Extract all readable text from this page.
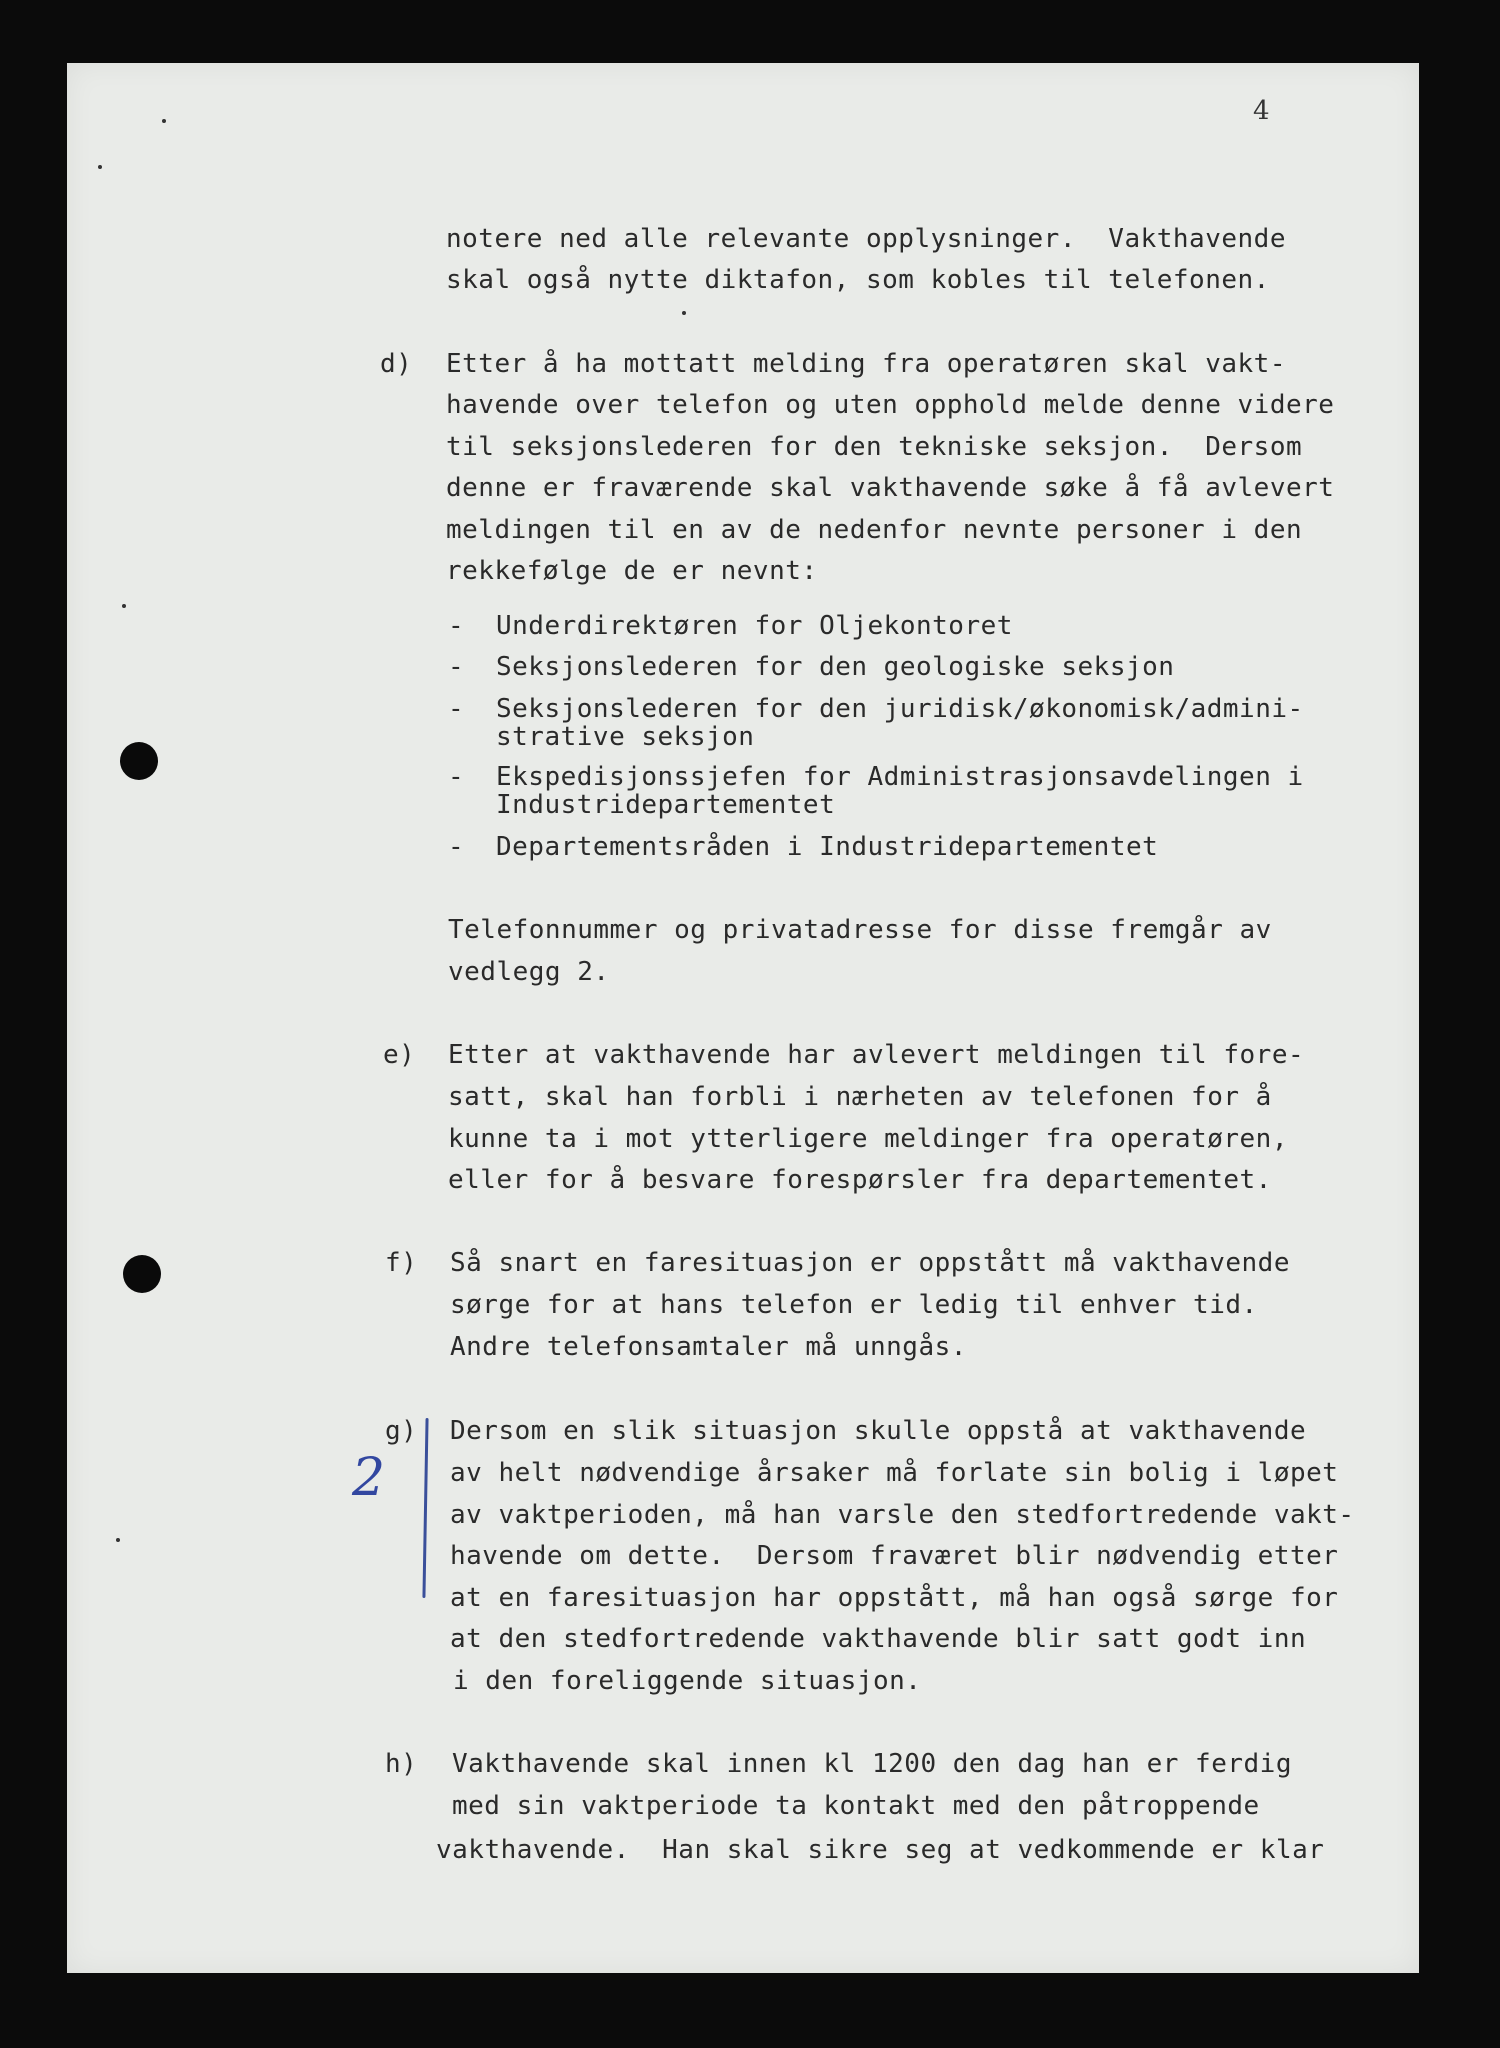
4
notere ned alle relevante opplysninger.  Vakthavende
skal også nytte diktafon, som kobles til telefonen.
d) Etter å ha mottatt melding fra operatøren skal vakt-
havende over telefon og uten opphold melde denne videre
til seksjonslederen for den tekniske seksjon.  Dersom
denne er fraværende skal vakthavende søke å få avlevert
meldingen til en av de nedenfor nevnte personer i den
rekkefølge de er nevnt:
- Underdirektøren for Oljekontoret
- Seksjonslederen for den geologiske seksjon
- Seksjonslederen for den juridisk/økonomisk/admini-
strative seksjon
- Ekspedisjonssjefen for Administrasjonsavdelingen i
Industridepartementet
- Departementsråden i Industridepartementet
Telefonnummer og privatadresse for disse fremgår av
vedlegg 2.
e) Etter at vakthavende har avlevert meldingen til fore-
satt, skal han forbli i nærheten av telefonen for å
kunne ta i mot ytterligere meldinger fra operatøren,
eller for å besvare forespørsler fra departementet.
f) Så snart en faresituasjon er oppstått må vakthavende
sørge for at hans telefon er ledig til enhver tid.
Andre telefonsamtaler må unngås.
g)
2
Dersom en slik situasjon skulle oppstå at vakthavende
av helt nødvendige årsaker må forlate sin bolig i løpet
av vaktperioden, må han varsle den stedfortredende vakt-
havende om dette.  Dersom fraværet blir nødvendig etter
at en faresituasjon har oppstått, må han også sørge for
at den stedfortredende vakthavende blir satt godt inn
i den foreliggende situasjon.
h) Vakthavende skal innen kl 1200 den dag han er ferdig
med sin vaktperiode ta kontakt med den påtroppende
vakthavende.  Han skal sikre seg at vedkommende er klar
